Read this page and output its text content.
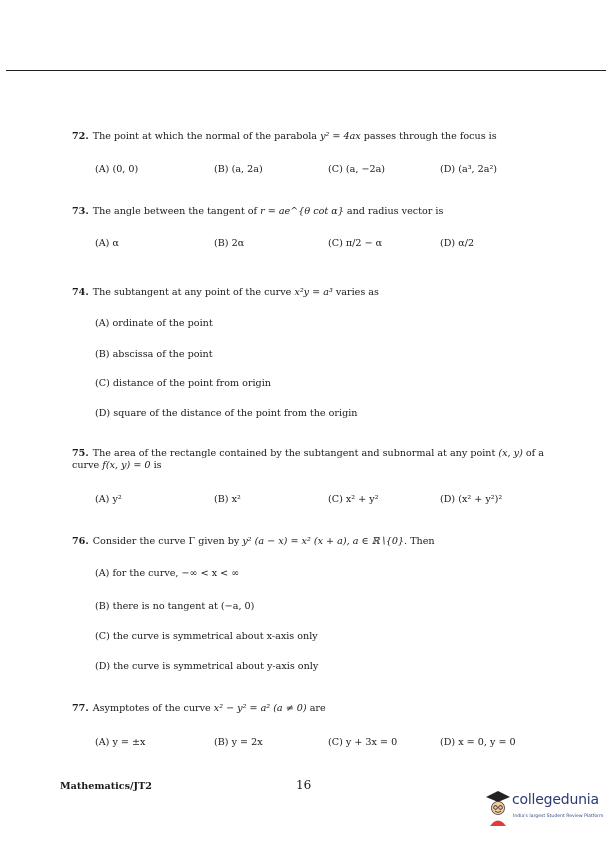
72. The point at which the normal of the parabola y² = 4ax passes through the focus is
(A) (0, 0)	(B) (a, 2a)	(C) (a, −2a)	(D) (a³, 2a²)
73. The angle between the tangent of r = ae^{θ cot α} and radius vector is
(A) α	(B) 2α	(C) π/2 − α	(D) α/2
74. The subtangent at any point of the curve x²y = a³ varies as
(A) ordinate of the point
(B) abscissa of the point
(C) distance of the point from origin
(D) square of the distance of the point from the origin
75. The area of the rectangle contained by the subtangent and subnormal at any point (x, y) of a curve f(x, y) = 0 is
(A) y²	(B) x²	(C) x² + y²	(D) (x² + y²)²
76. Consider the curve Γ given by y² (a − x) = x² (x + a), a ∈ ℝ∖{0}. Then
(A) for the curve, −∞ < x < ∞
(B) there is no tangent at (−a, 0)
(C) the curve is symmetrical about x-axis only
(D) the curve is symmetrical about y-axis only
77. Asymptotes of the curve x² − y² = a² (a ≠ 0) are
(A) y = ±x	(B) y = 2x	(C) y + 3x = 0	(D) x = 0, y = 0
Mathematics/JT2	16
collegedunia
India's largest Student Review Platform
